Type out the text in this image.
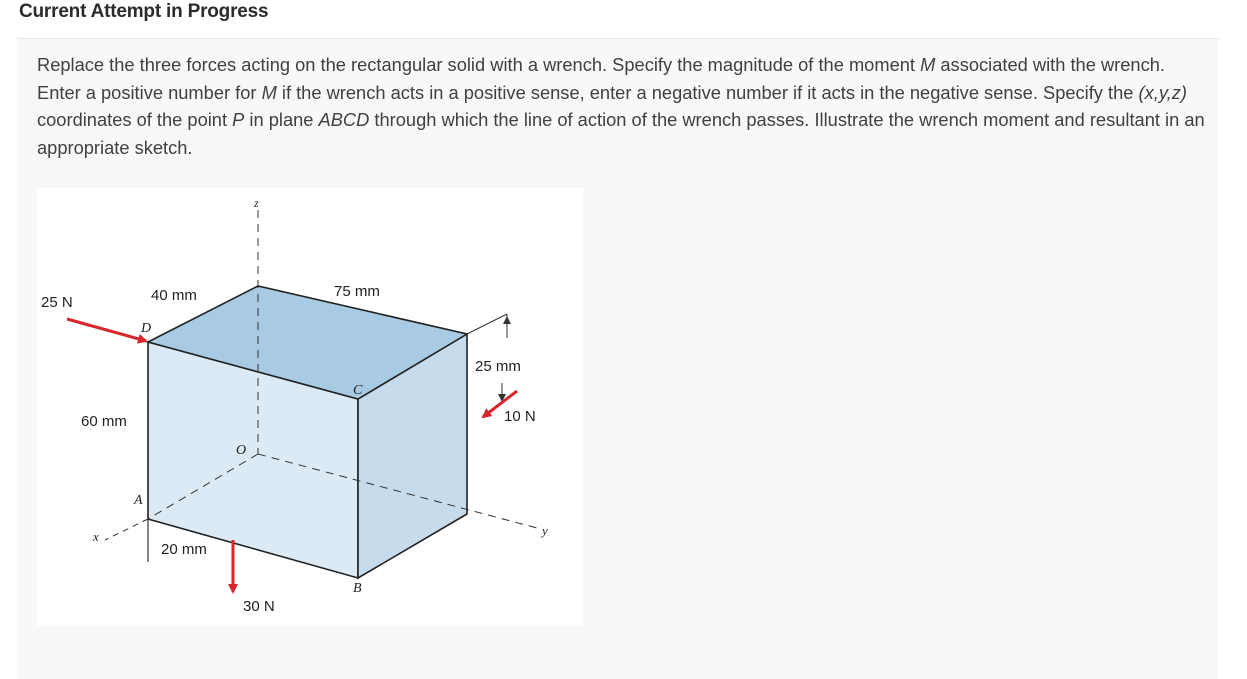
Current Attempt in Progress
Replace the three forces acting on the rectangular solid with a wrench. Specify the magnitude of the moment M associated with the wrench. Enter a positive number for M if the wrench acts in a positive sense, enter a negative number if it acts in the negative sense. Specify the (x,y,z) coordinates of the point P in plane ABCD through which the line of action of the wrench passes. Illustrate the wrench moment and resultant in an appropriate sketch.
25 N	40 mm	75 mm
60 mm
25 mm
10 N
20 mm
30 N
D
C
A
B
O
x	y
z
